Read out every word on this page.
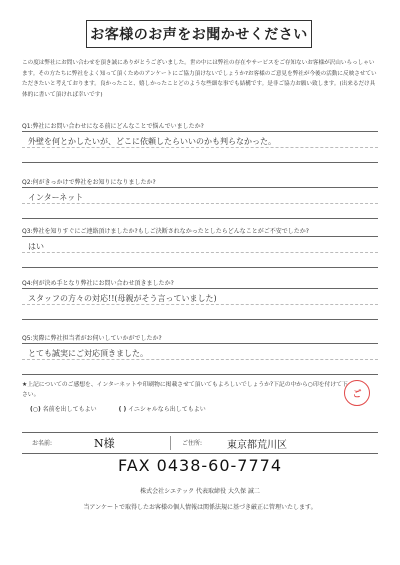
お客様のお声をお聞かせください
この度は弊社にお問い合わせを頂き誠にありがとうございました。世の中には弊社の存在やサービスをご存知ないお客様が沢山いらっしゃいます。その方たちに弊社をよく知って頂くためのアンケートにご協力頂けないでしょうか?お客様のご意見を弊社が今後の活動に反映させていただきたいと考えております。良かったこと、嬉しかったことどのような些細な事でも結構です。是非ご協力お願い致します。(出来るだけ具体的に書いて頂ければ幸いです)
Q1:弊社にお問い合わせになる前にどんなことで悩んでいましたか?
外壁を何とかしたいが、どこに依頼したらいいのかも判らなかった。
Q2:何がきっかけで弊社をお知りになりましたか?
インターネット
Q3:弊社を知りすぐにご連絡頂けましたか?もしご決断されなかったとしたらどんなことがご不安でしたか?
はい
Q4:何が決め手となり弊社にお問い合わせ頂きましたか?
スタッフの方々の対応!!(母親がそう言っていました)
Q5:実際に弊社担当者がお伺いしていかがでしたか?
とても誠実にご対応頂きました。
★上記についてのご感想を、インターネットや印刷物に掲載させて頂いてもよろしいでしょうか?下記の中から○印を付けて下さい。
(○) 名前を出してもよい	( ) イニシャルなら出してもよい
ご
お名前:	N様	ご住所: 東京都荒川区
FAX 0438-60-7774
株式会社シエテック 代表取締役 大久保 誠二
当アンケートで取得したお客様の個人情報は関係法規に基づき厳正に管理いたします。
